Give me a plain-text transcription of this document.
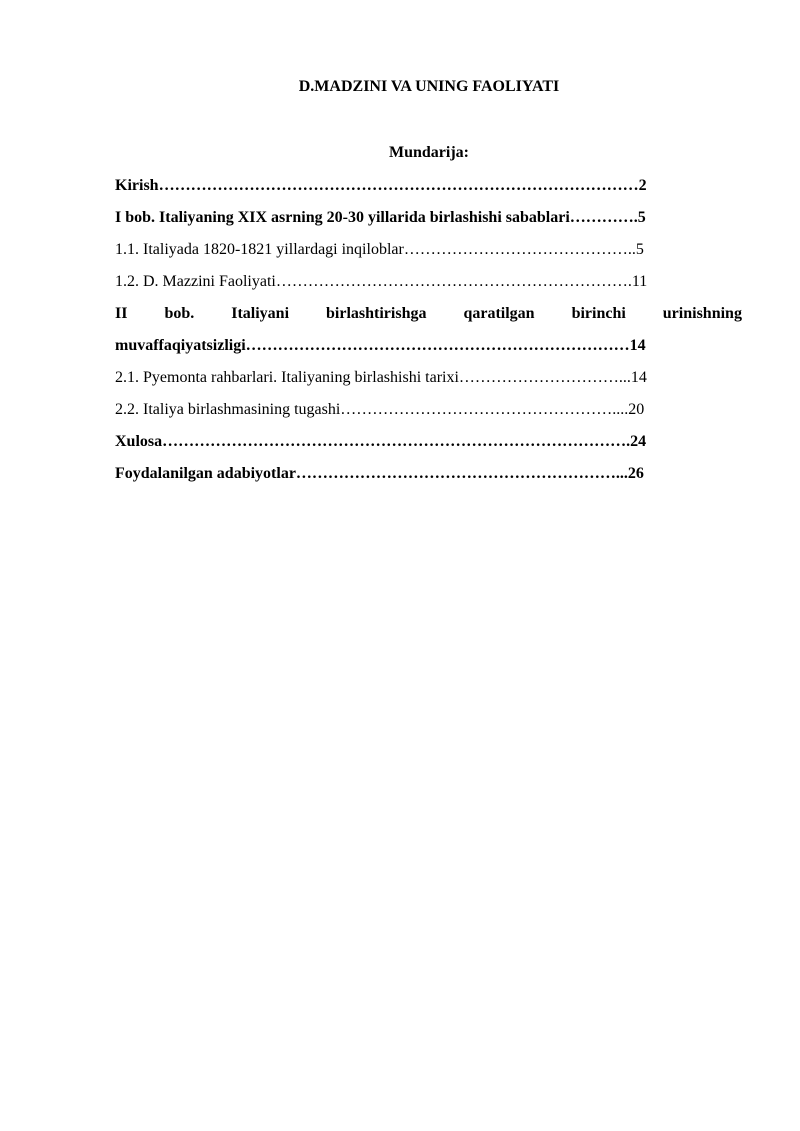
D.MADZINI VA UNING FAOLIYATI
Mundarija:
Kirish………………………………………………………………………………2
I bob. Italiyaning XIX asrning 20-30 yillarida birlashishi sabablari………….5
1.1. Italiyada 1820-1821 yillardagi inqiloblar……………………………………..5
1.2. D. Mazzini Faoliyati………………………………………………………….11
II bob. Italiyani birlashtirishga qaratilgan birinchi urinishning
muvaffaqiyatsizligi………………………………………………………………14
2.1. Pyemonta rahbarlari. Italiyaning birlashishi tarixi…………………………...14
2.2. Italiya birlashmasining tugashi……………………………………………....20
Xulosa…………………………………………………………………………….24
Foydalanilgan adabiyotlar……………………………………………………...26
